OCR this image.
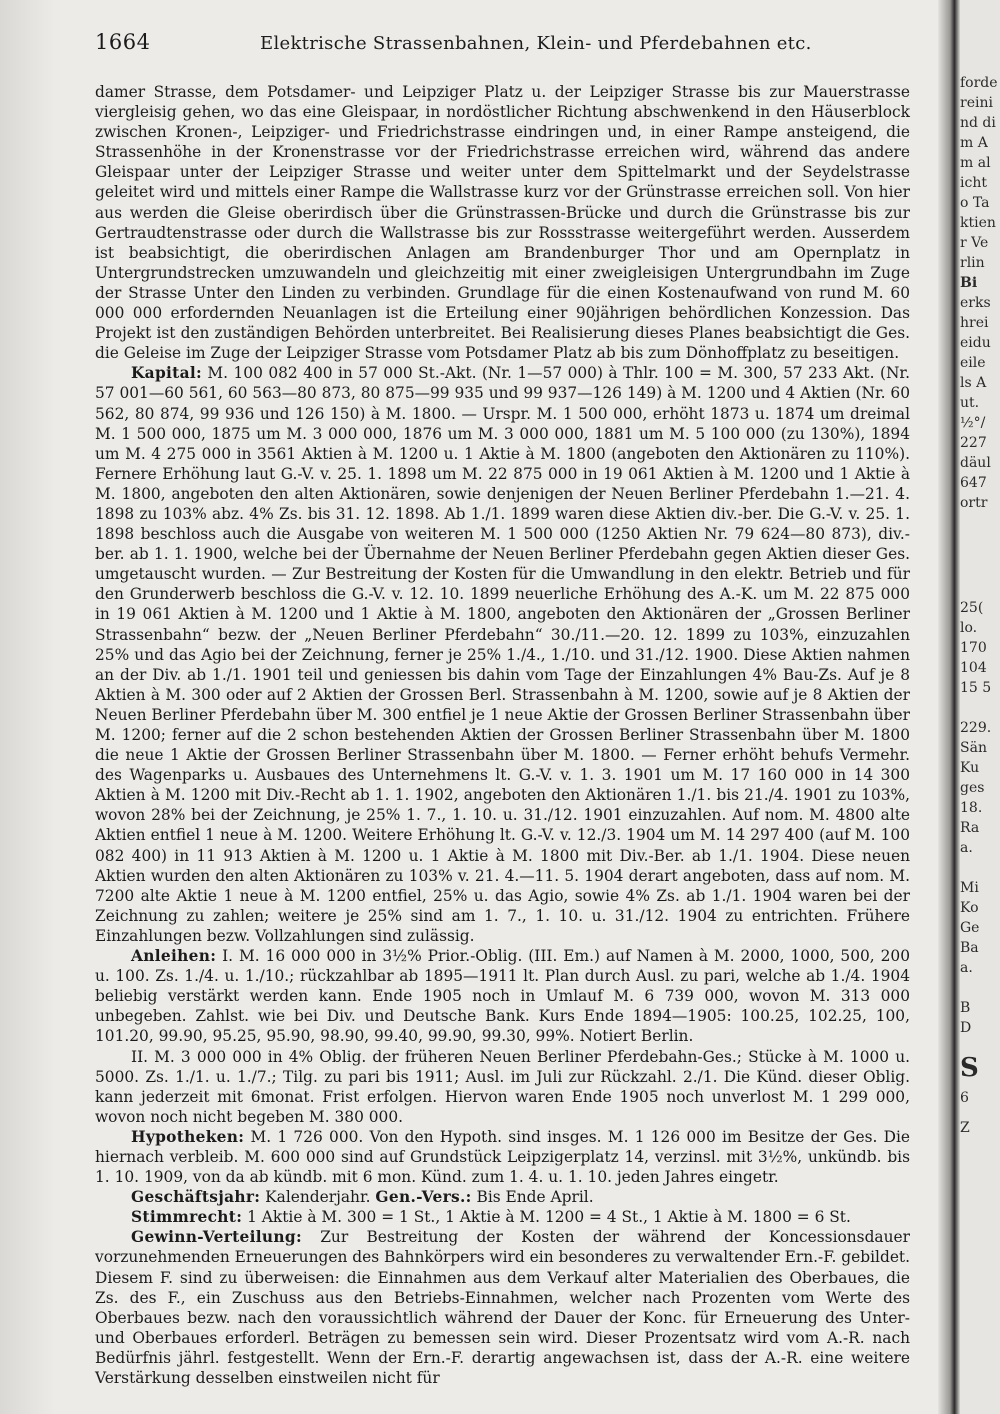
forde
reini
nd di
m A
m al
icht
o Ta
ktien
r Ve
rlin
Bi
erks
hrei
eidu
eile
ls A
ut.
½°/
227
däul
647
ortr
25(
lo.
170
104
15 5
229.
Sän
Ku
ges
18.
Ra
a.
Mi
Ko
Ge
Ba
a.
B
D
S
6
Z
1664	Elektrische Strassenbahnen, Klein- und Pferdebahnen etc.

damer Strasse, dem Potsdamer- und Leipziger Platz u. der Leipziger Strasse bis zur Mauerstrasse viergleisig gehen, wo das eine Gleispaar, in nordöstlicher Richtung abschwenkend in den Häuserblock zwischen Kronen-, Leipziger- und Friedrichstrasse eindringen und, in einer Rampe ansteigend, die Strassenhöhe in der Kronenstrasse vor der Friedrichstrasse erreichen wird, während das andere Gleispaar unter der Leipziger Strasse und weiter unter dem Spittelmarkt und der Seydelstrasse geleitet wird und mittels einer Rampe die Wallstrasse kurz vor der Grünstrasse erreichen soll. Von hier aus werden die Gleise oberirdisch über die Grünstrassen-Brücke und durch die Grünstrasse bis zur Gertraudtenstrasse oder durch die Wallstrasse bis zur Rossstrasse weitergeführt werden. Ausserdem ist beabsichtigt, die oberirdischen Anlagen am Brandenburger Thor und am Opernplatz in Untergrundstrecken umzuwandeln und gleichzeitig mit einer zweigleisigen Untergrundbahn im Zuge der Strasse Unter den Linden zu verbinden. Grundlage für die einen Kostenaufwand von rund M. 60 000 000 erfordernden Neuanlagen ist die Erteilung einer 90jährigen behördlichen Konzession. Das Projekt ist den zuständigen Behörden unterbreitet. Bei Realisierung dieses Planes beabsichtigt die Ges. die Geleise im Zuge der Leipziger Strasse vom Potsdamer Platz ab bis zum Dönhoffplatz zu beseitigen.

Kapital: M. 100 082 400 in 57 000 St.-Akt. (Nr. 1—57 000) à Thlr. 100 = M. 300, 57 233 Akt. (Nr. 57 001—60 561, 60 563—80 873, 80 875—99 935 und 99 937—126 149) à M. 1200 und 4 Aktien (Nr. 60 562, 80 874, 99 936 und 126 150) à M. 1800. — Urspr. M. 1 500 000, erhöht 1873 u. 1874 um dreimal M. 1 500 000, 1875 um M. 3 000 000, 1876 um M. 3 000 000, 1881 um M. 5 100 000 (zu 130%), 1894 um M. 4 275 000 in 3561 Aktien à M. 1200 u. 1 Aktie à M. 1800 (angeboten den Aktionären zu 110%). Fernere Erhöhung laut G.-V. v. 25. 1. 1898 um M. 22 875 000 in 19 061 Aktien à M. 1200 und 1 Aktie à M. 1800, angeboten den alten Aktionären, sowie denjenigen der Neuen Berliner Pferdebahn 1.—21. 4. 1898 zu 103% abz. 4% Zs. bis 31. 12. 1898. Ab 1./1. 1899 waren diese Aktien div.-ber. Die G.-V. v. 25. 1. 1898 beschloss auch die Ausgabe von weiteren M. 1 500 000 (1250 Aktien Nr. 79 624—80 873), div.-ber. ab 1. 1. 1900, welche bei der Übernahme der Neuen Berliner Pferdebahn gegen Aktien dieser Ges. umgetauscht wurden. — Zur Bestreitung der Kosten für die Umwandlung in den elektr. Betrieb und für den Grunderwerb beschloss die G.-V. v. 12. 10. 1899 neuerliche Erhöhung des A.-K. um M. 22 875 000 in 19 061 Aktien à M. 1200 und 1 Aktie à M. 1800, angeboten den Aktionären der „Grossen Berliner Strassenbahn“ bezw. der „Neuen Berliner Pferdebahn“ 30./11.—20. 12. 1899 zu 103%, einzuzahlen 25% und das Agio bei der Zeichnung, ferner je 25% 1./4., 1./10. und 31./12. 1900. Diese Aktien nahmen an der Div. ab 1./1. 1901 teil und geniessen bis dahin vom Tage der Einzahlungen 4% Bau-Zs. Auf je 8 Aktien à M. 300 oder auf 2 Aktien der Grossen Berl. Strassenbahn à M. 1200, sowie auf je 8 Aktien der Neuen Berliner Pferdebahn über M. 300 entfiel je 1 neue Aktie der Grossen Berliner Strassenbahn über M. 1200; ferner auf die 2 schon bestehenden Aktien der Grossen Berliner Strassenbahn über M. 1800 die neue 1 Aktie der Grossen Berliner Strassenbahn über M. 1800. — Ferner erhöht behufs Vermehr. des Wagenparks u. Ausbaues des Unternehmens lt. G.-V. v. 1. 3. 1901 um M. 17 160 000 in 14 300 Aktien à M. 1200 mit Div.-Recht ab 1. 1. 1902, angeboten den Aktionären 1./1. bis 21./4. 1901 zu 103%, wovon 28% bei der Zeichnung, je 25% 1. 7., 1. 10. u. 31./12. 1901 einzuzahlen. Auf nom. M. 4800 alte Aktien entfiel 1 neue à M. 1200. Weitere Erhöhung lt. G.-V. v. 12./3. 1904 um M. 14 297 400 (auf M. 100 082 400) in 11 913 Aktien à M. 1200 u. 1 Aktie à M. 1800 mit Div.-Ber. ab 1./1. 1904. Diese neuen Aktien wurden den alten Aktionären zu 103% v. 21. 4.—11. 5. 1904 derart angeboten, dass auf nom. M. 7200 alte Aktie 1 neue à M. 1200 entfiel, 25% u. das Agio, sowie 4% Zs. ab 1./1. 1904 waren bei der Zeichnung zu zahlen; weitere je 25% sind am 1. 7., 1. 10. u. 31./12. 1904 zu entrichten. Frühere Einzahlungen bezw. Vollzahlungen sind zulässig.

Anleihen: I. M. 16 000 000 in 3½% Prior.-Oblig. (III. Em.) auf Namen à M. 2000, 1000, 500, 200 u. 100. Zs. 1./4. u. 1./10.; rückzahlbar ab 1895—1911 lt. Plan durch Ausl. zu pari, welche ab 1./4. 1904 beliebig verstärkt werden kann. Ende 1905 noch in Umlauf M. 6 739 000, wovon M. 313 000 unbegeben. Zahlst. wie bei Div. und Deutsche Bank. Kurs Ende 1894—1905: 100.25, 102.25, 100, 101.20, 99.90, 95.25, 95.90, 98.90, 99.40, 99.90, 99.30, 99%. Notiert Berlin.

II. M. 3 000 000 in 4% Oblig. der früheren Neuen Berliner Pferdebahn-Ges.; Stücke à M. 1000 u. 5000. Zs. 1./1. u. 1./7.; Tilg. zu pari bis 1911; Ausl. im Juli zur Rückzahl. 2./1. Die Künd. dieser Oblig. kann jederzeit mit 6monat. Frist erfolgen. Hiervon waren Ende 1905 noch unverlost M. 1 299 000, wovon noch nicht begeben M. 380 000.

Hypotheken: M. 1 726 000. Von den Hypoth. sind insges. M. 1 126 000 im Besitze der Ges. Die hiernach verbleib. M. 600 000 sind auf Grundstück Leipzigerplatz 14, verzinsl. mit 3½%, unkündb. bis 1. 10. 1909, von da ab kündb. mit 6 mon. Künd. zum 1. 4. u. 1. 10. jeden Jahres eingetr.

Geschäftsjahr: Kalenderjahr. Gen.-Vers.: Bis Ende April.

Stimmrecht: 1 Aktie à M. 300 = 1 St., 1 Aktie à M. 1200 = 4 St., 1 Aktie à M. 1800 = 6 St.

Gewinn-Verteilung: Zur Bestreitung der Kosten der während der Koncessionsdauer vorzunehmenden Erneuerungen des Bahnkörpers wird ein besonderes zu verwaltender Ern.-F. gebildet. Diesem F. sind zu überweisen: die Einnahmen aus dem Verkauf alter Materialien des Oberbaues, die Zs. des F., ein Zuschuss aus den Betriebs-Einnahmen, welcher nach Prozenten vom Werte des Oberbaues bezw. nach den voraussichtlich während der Dauer der Konc. für Erneuerung des Unter- und Oberbaues erforderl. Beträgen zu bemessen sein wird. Dieser Prozentsatz wird vom A.-R. nach Bedürfnis jährl. festgestellt. Wenn der Ern.-F. derartig angewachsen ist, dass der A.-R. eine weitere Verstärkung desselben einstweilen nicht für
